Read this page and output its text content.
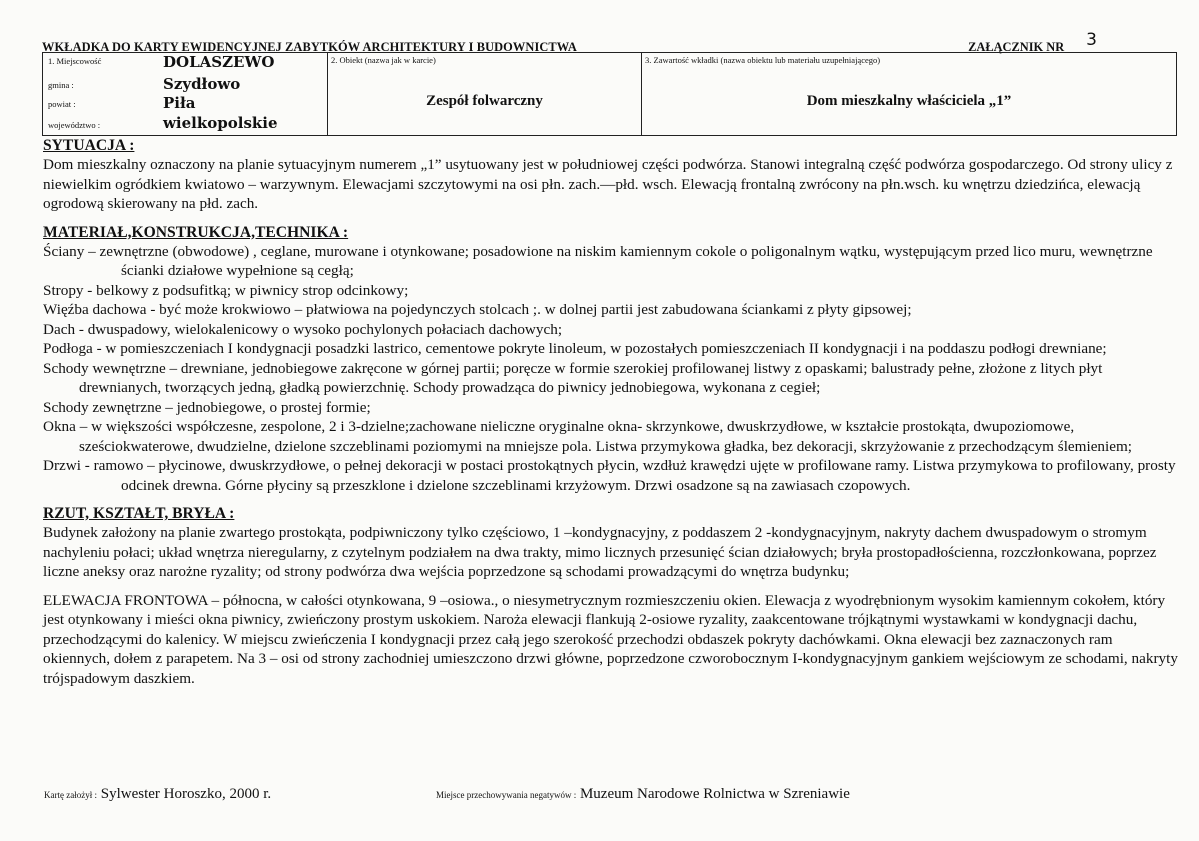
WKŁADKA DO KARTY EWIDENCYJNEJ ZABYTKÓW ARCHITEKTURY I BUDOWNICTWA	ZAŁĄCZNIK NR 3
1. Miejscowość	DOLASZEWO
gmina :	Szydłowo
powiat :	Piła
województwo :	wielkopolskie

2. Obiekt (nazwa jak w karcie)
Zespół folwarczny

3. Zawartość wkładki (nazwa obiektu lub materiału uzupełniającego)
Dom mieszkalny właściciela „1”

SYTUACJA :

Dom mieszkalny oznaczony na planie sytuacyjnym numerem „1” usytuowany jest w południowej części podwórza. Stanowi integralną część podwórza gospodarczego. Od strony ulicy z niewielkim ogródkiem kwiatowo – warzywnym. Elewacjami szczytowymi na osi płn. zach.—płd. wsch. Elewacją frontalną zwrócony na płn.wsch. ku wnętrzu dziedzińca, elewacją ogrodową skierowany na płd. zach.

MATERIAŁ,KONSTRUKCJA,TECHNIKA :

Ściany – zewnętrzne (obwodowe) , ceglane, murowane i otynkowane; posadowione na niskim kamiennym cokole o poligonalnym wątku, występującym przed lico muru, wewnętrzne ścianki działowe wypełnione są cegłą;

Stropy - belkowy z podsufitką; w piwnicy strop odcinkowy;

Więźba dachowa - być może krokwiowo – płatwiowa na pojedynczych stolcach ;. w dolnej partii jest zabudowana ściankami z płyty gipsowej;

Dach - dwuspadowy, wielokalenicowy o wysoko pochylonych połaciach dachowych;

Podłoga - w pomieszczeniach I kondygnacji posadzki lastrico, cementowe pokryte linoleum, w pozostałych pomieszczeniach II kondygnacji i na poddaszu podłogi drewniane;

Schody wewnętrzne – drewniane, jednobiegowe zakręcone w górnej partii; poręcze w formie szerokiej profilowanej listwy z opaskami; balustrady pełne, złożone z litych płyt drewnianych, tworzących jedną, gładką powierzchnię. Schody prowadząca do piwnicy jednobiegowa, wykonana z cegieł;

Schody zewnętrzne – jednobiegowe, o prostej formie;

Okna – w większości współczesne, zespolone, 2 i 3-dzielne;zachowane nieliczne oryginalne okna- skrzynkowe, dwuskrzydłowe, w kształcie prostokąta, dwupoziomowe, sześciokwaterowe, dwudzielne, dzielone szczeblinami poziomymi na mniejsze pola. Listwa przymykowa gładka, bez dekoracji, skrzyżowanie z przechodzącym ślemieniem;

Drzwi - ramowo – płycinowe, dwuskrzydłowe, o pełnej dekoracji w postaci prostokątnych płycin, wzdłuż krawędzi ujęte w profilowane ramy. Listwa przymykowa to profilowany, prosty odcinek drewna. Górne płyciny są przeszklone i dzielone szczeblinami krzyżowym. Drzwi osadzone są na zawiasach czopowych.

RZUT, KSZTAŁT, BRYŁA :

Budynek założony na planie zwartego prostokąta, podpiwniczony tylko częściowo, 1 –kondygnacyjny, z poddaszem 2 -kondygnacyjnym, nakryty dachem dwuspadowym o stromym nachyleniu połaci; układ wnętrza nieregularny, z czytelnym podziałem na dwa trakty, mimo licznych przesunięć ścian działowych; bryła prostopadłościenna, rozczłonkowana, poprzez liczne aneksy oraz narożne ryzality; od strony podwórza dwa wejścia poprzedzone są schodami prowadzącymi do wnętrza budynku;

ELEWACJA FRONTOWA – północna, w całości otynkowana, 9 –osiowa., o niesymetrycznym rozmieszczeniu okien. Elewacja z wyodrębnionym wysokim kamiennym cokołem, który jest otynkowany i mieści okna piwnicy, zwieńczony prostym uskokiem. Naroża elewacji flankują 2-osiowe ryzality, zaakcentowane trójkątnymi wystawkami w kondygnacji dachu, przechodzącymi do kalenicy. W miejscu zwieńczenia I kondygnacji przez całą jego szerokość przechodzi obdaszek pokryty dachówkami. Okna elewacji bez zaznaczonych ram okiennych, dołem z parapetem. Na 3 – osi od strony zachodniej umieszczono drzwi główne, poprzedzone czworobocznym I-kondygnacyjnym gankiem wejściowym ze schodami, nakryty trójspadowym daszkiem.

Kartę założył : Sylwester Horoszko, 2000 r.	Miejsce przechowywania negatywów : Muzeum Narodowe Rolnictwa w Szreniawie
